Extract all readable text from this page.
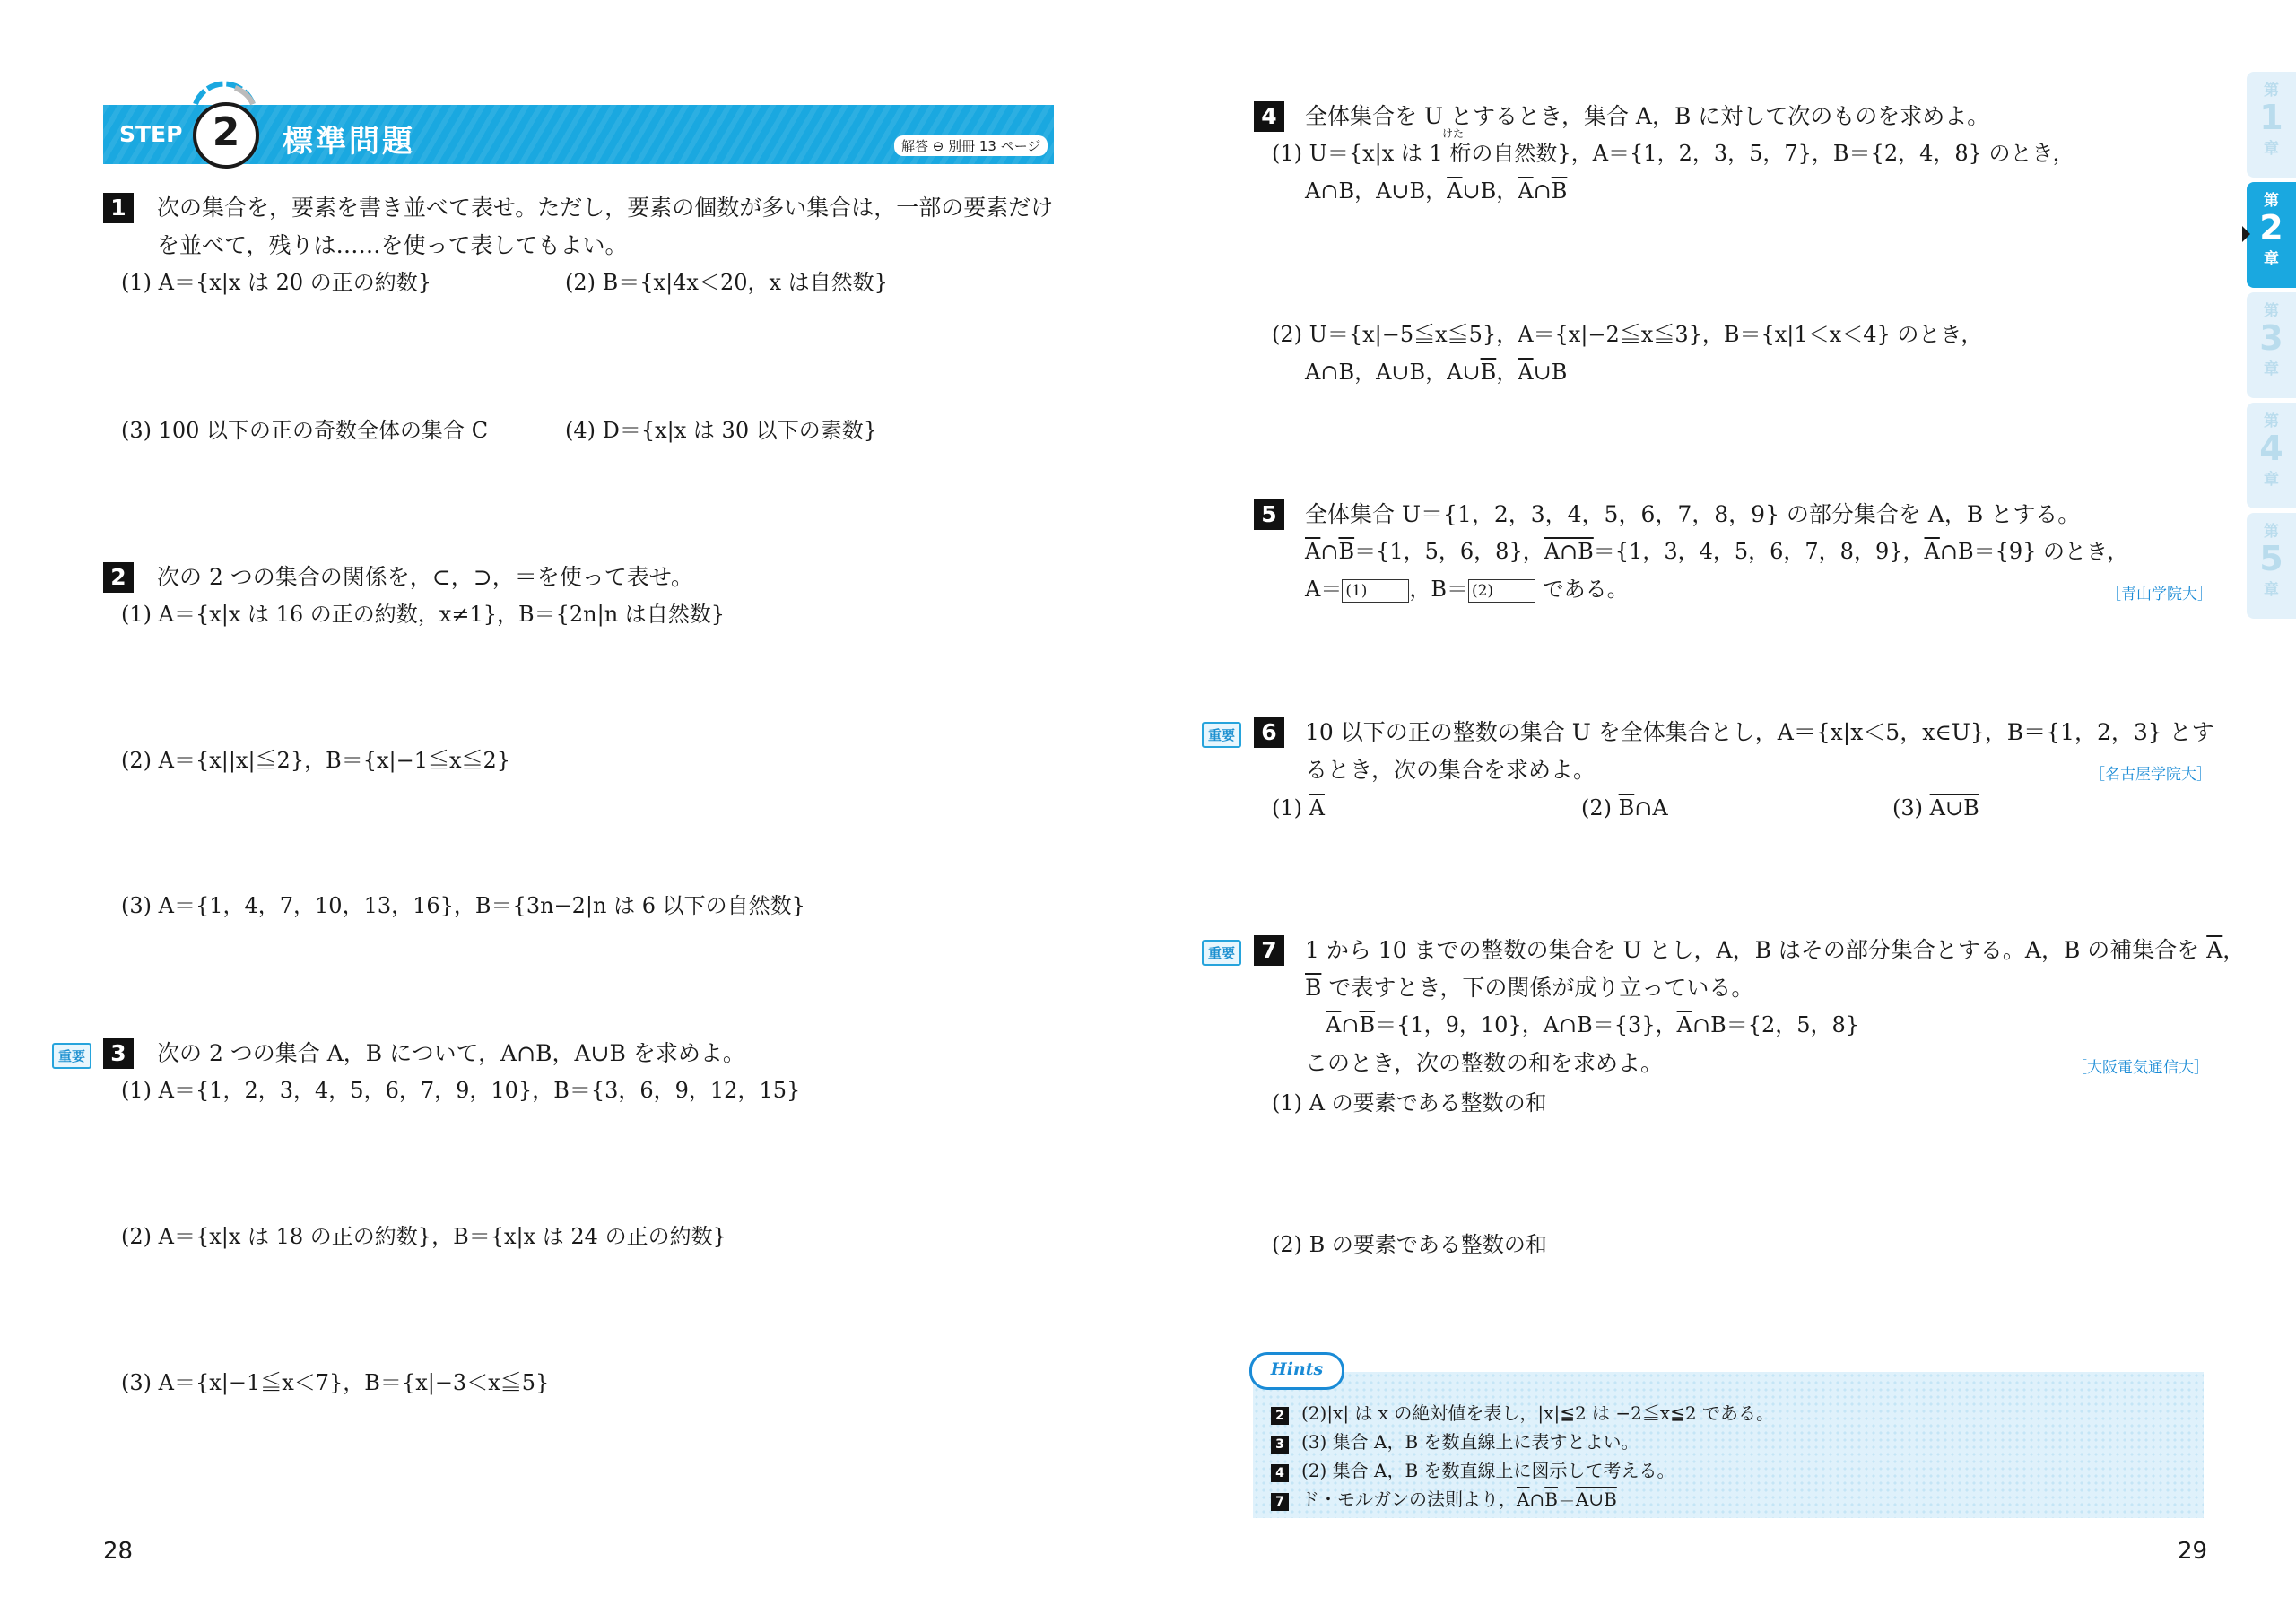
STEP 2	標準問題	解答 ⊖ 別冊 13 ページ
1	次の集合を，要素を書き並べて表せ。ただし，要素の個数が多い集合は，一部の要素だけ
を並べて，残りは……を使って表してもよい。
(1) A＝{x|x は 20 の正の約数}	(2) B＝{x|4x＜20，x は自然数}
(3) 100 以下の正の奇数全体の集合 C	(4) D＝{x|x は 30 以下の素数}
2	次の 2 つの集合の関係を，⊂，⊃，＝を使って表せ。
(1) A＝{x|x は 16 の正の約数，x≠1}，B＝{2n|n は自然数}
(2) A＝{x||x|≦2}，B＝{x|−1≦x≦2}
(3) A＝{1，4，7，10，13，16}，B＝{3n−2|n は 6 以下の自然数}
重要	3	次の 2 つの集合 A，B について，A∩B，A∪B を求めよ。
(1) A＝{1，2，3，4，5，6，7，9，10}，B＝{3，6，9，12，15}
(2) A＝{x|x は 18 の正の約数}，B＝{x|x は 24 の正の約数}
(3) A＝{x|−1≦x＜7}，B＝{x|−3＜x≦5}
28
4	全体集合を U とするとき，集合 A，B に対して次のものを求めよ。
けた
(1) U＝{x|x は 1 桁の自然数}，A＝{1，2，3，5，7}，B＝{2，4，8} のとき，
A∩B，A∪B，$\overline{A}\cup B$，$\overline{A}\cap\overline{B}$
(2) U＝{x|−5≦x≦5}，A＝{x|−2≦x≦3}，B＝{x|1＜x＜4} のとき，
A∩B，A∪B，$A\cup\overline{B}$，$\overline{A}\cup B$
5	全体集合 U＝{1，2，3，4，5，6，7，8，9} の部分集合を A，B とする。
$\overline{A}\cap\overline{B}=\{1$，5，6，8}，A∩B＝{1，3，4，5，6，7，8，9}，$\overline{A}\cap B=\{9\}$ のとき，
A＝ (1) ，B＝ (2) である。	［青山学院大］
重要	6	10 以下の正の整数の集合 U を全体集合とし，A＝{x|x＜5，x∈U}，B＝{1，2，3} とす
るとき，次の集合を求めよ。	［名古屋学院大］
(1) $\overline{A}$	(2) $\overline{B}\cap A$	(3) A∪B
重要	7	1 から 10 までの整数の集合を U とし，A，B はその部分集合とする。A，B の補集合を $\overline{A}$，
$\overline{B}$ で表すとき，下の関係が成り立っている。
$\overline{A}\cap\overline{B}=\{1$，9，10}，A∩B＝{3}，$\overline{A}\cap B=\{2$，5，8}
このとき，次の整数の和を求めよ。	［大阪電気通信大］
(1) A の要素である整数の和
(2) B の要素である整数の和
2 (2)|x| は x の絶対値を表し，|x|≦2 は −2≦x≦2 である。
3 (3) 集合 A，B を数直線上に表すとよい。
4 (2) 集合 A，B を数直線上に図示して考える。
7 ド・モルガンの法則より，$\overline{A}\cap\overline{B}=A\cup B$
Hints
29
第
1
章
第
2
章
第
3
章
第
4
章
第
5
章
